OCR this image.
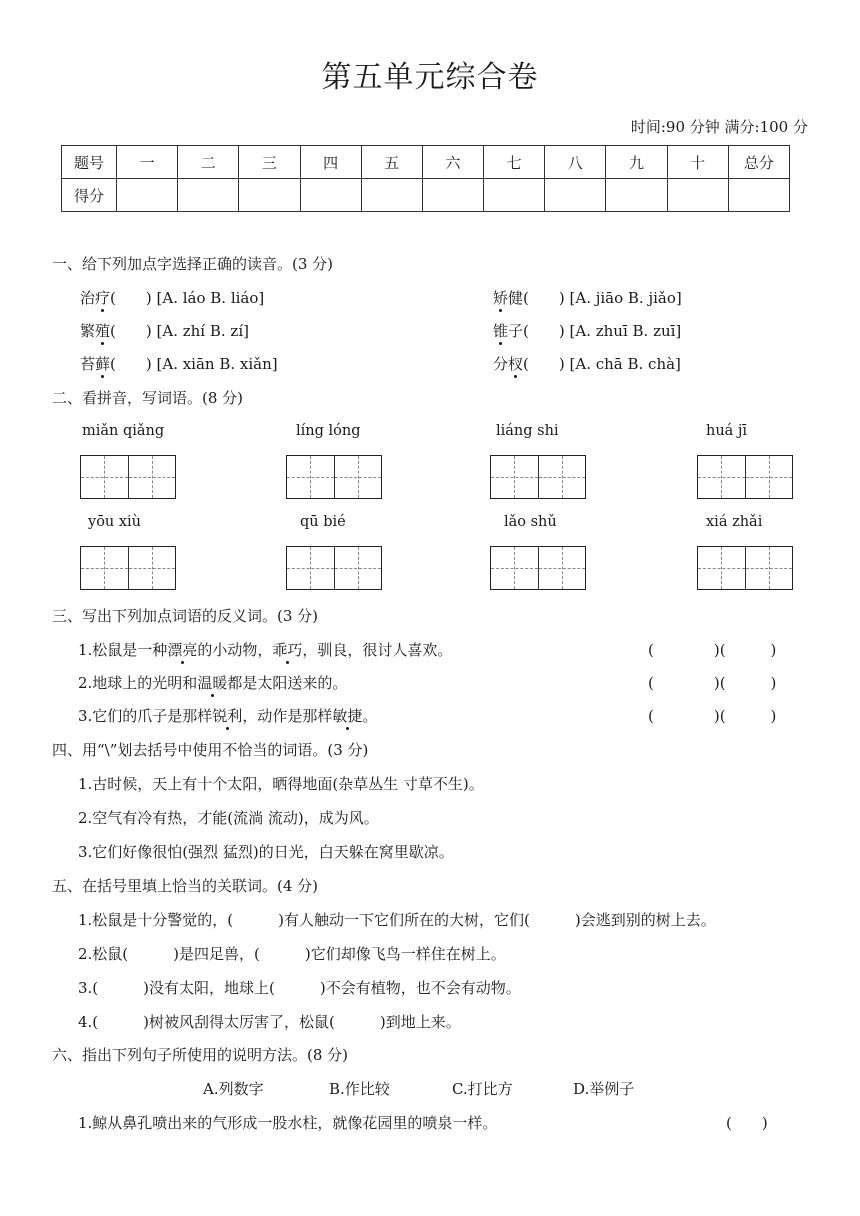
第五单元综合卷
时间:90 分钟 满分:100 分
题号	一	二	三	四	五	六	七	八	九	十	总分
得分											
一、给下列加点字选择正确的读音。(3 分)
治疗(　　) [A. láo B. liáo]	矫健(　　) [A. jiāo B. jiǎo]
繁殖(　　) [A. zhí B. zí]	锥子(　　) [A. zhuī B. zuī]
苔藓(　　) [A. xiān B. xiǎn]	分杈(　　) [A. chā B. chà]
二、看拼音，写词语。(8 分)
miǎn qiǎng	líng lóng	liáng shi	huá jī
yōu xiù	qū bié	lǎo shǔ	xiá zhǎi
三、写出下列加点词语的反义词。(3 分)
1.松鼠是一种漂亮的小动物，乖巧，驯良，很讨人喜欢。	(　　　　)(　　　)
2.地球上的光明和温暖都是太阳送来的。	(　　　　)(　　　)
3.它们的爪子是那样锐利，动作是那样敏捷。	(　　　　)(　　　)
四、用“\”划去括号中使用不恰当的词语。(3 分)
1.古时候，天上有十个太阳，晒得地面(杂草丛生 寸草不生)。
2.空气有冷有热，才能(流淌 流动)，成为风。
3.它们好像很怕(强烈 猛烈)的日光，白天躲在窝里歇凉。
五、在括号里填上恰当的关联词。(4 分)
1.松鼠是十分警觉的，(　　　)有人触动一下它们所在的大树，它们(　　　)会逃到别的树上去。
2.松鼠(　　　)是四足兽，(　　　)它们却像飞鸟一样住在树上。
3.(　　　)没有太阳，地球上(　　　)不会有植物，也不会有动物。
4.(　　　)树被风刮得太厉害了，松鼠(　　　)到地上来。
六、指出下列句子所使用的说明方法。(8 分)
A.列数字	B.作比较	C.打比方	D.举例子
1.鲸从鼻孔喷出来的气形成一股水柱，就像花园里的喷泉一样。	(　　)
